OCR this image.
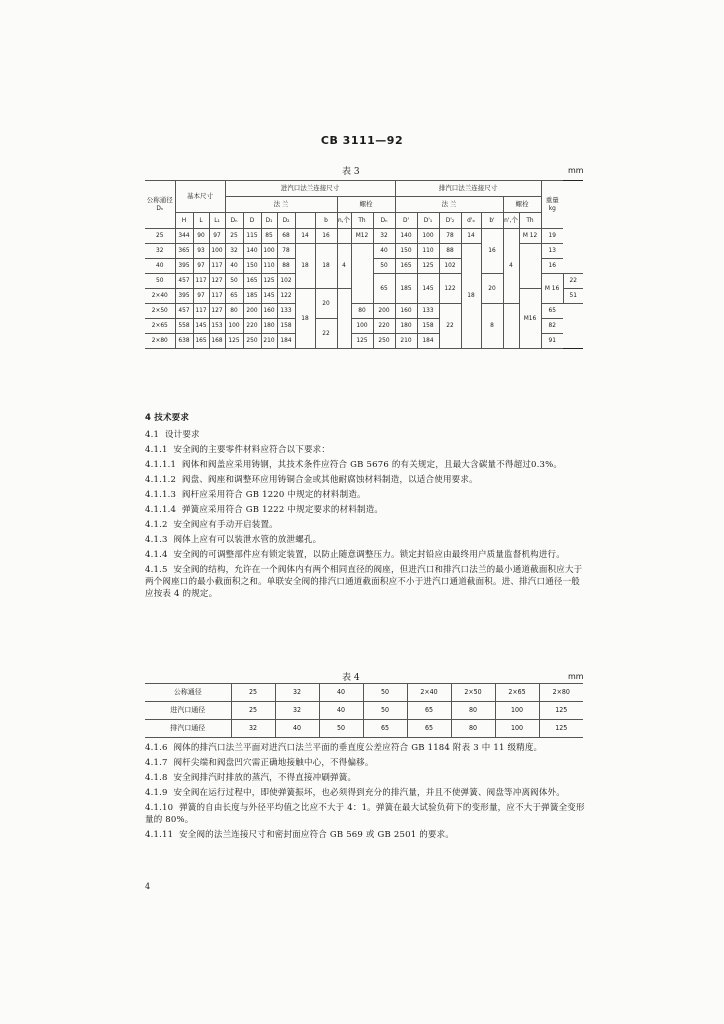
CB 3111—92
表 3	mm
公称通径
Dₙ	基本尺寸			进汽口法兰连接尺寸									排汽口法兰连接尺寸							重量
kg	
				法 兰						螺栓			法 兰					螺栓			
	H	L	L₁	Dₙ	D	D₁	D₂		b	n,个	Th	Dₙ	D'	D'₁	D'₂	d'ₒ	b'	n',个	Th		
25	344	90	97	25	115	85	68	14	16		M12	32	140	100	78	14	16	4	M 12	19	
32	365	93	100	32	140	100	78	18	18	4		40	150	110	88	18				13	
40	395	97	117	40	150	110	88					50	165	125	102					16	
50	457	117	127	50	165	125	102					65	185	145	122		20			M 16	22
2×40	395	97	117	65	185	145	122	18	20										M16		51
2×50	457	117	127	80	200	160	133				80	200	160	133	22		8			65	
2×65	558	145	153	100	220	180	158		22		100	220	180	158						82	
2×80	638	165	168	125	250	210	184				125	250	210	184						91	
4 技术要求
4.1 设计要求
4.1.1 安全阀的主要零件材料应符合以下要求：
4.1.1.1 阀体和阀盖应采用铸钢，其技术条件应符合 GB 5676 的有关规定，且最大含碳量不得超过0.3%。
4.1.1.2 阀盘、阀座和调整环应用铸铜合金或其他耐腐蚀材料制造，以适合使用要求。
4.1.1.3 阀杆应采用符合 GB 1220 中规定的材料制造。
4.1.1.4 弹簧应采用符合 GB 1222 中规定要求的材料制造。
4.1.2 安全阀应有手动开启装置。
4.1.3 阀体上应有可以装泄水管的放泄螺孔。
4.1.4 安全阀的可调整部件应有锁定装置，以防止随意调整压力。锁定封铅应由最终用户质量监督机构进行。
4.1.5 安全阀的结构，允许在一个阀体内有两个相同直径的阀座，但进汽口和排汽口法兰的最小通道截面积应大于两个阀座口的最小截面积之和。单联安全阀的排汽口通道截面积应不小于进汽口通道截面积。进、排汽口通径一般应按表 4 的规定。
表 4	mm
公称通径	25	32	40	50	2×40	2×50	2×65	2×80
进汽口通径	25	32	40	50	65	80	100	125
排汽口通径	32	40	50	65	65	80	100	125
4.1.6 阀体的排汽口法兰平面对进汽口法兰平面的垂直度公差应符合 GB 1184 附表 3 中 11 级精度。
4.1.7 阀杆尖端和阀盘凹穴需正确地接触中心，不得偏移。
4.1.8 安全阀排汽时排放的蒸汽，不得直接冲刷弹簧。
4.1.9 安全阀在运行过程中，即使弹簧振坏，也必须得到充分的排汽量，并且不使弹簧、阀盘等冲离阀体外。
4.1.10 弹簧的自由长度与外径平均值之比应不大于 4：1。弹簧在最大试验负荷下的变形量，应不大于弹簧全变形量的 80%。
4.1.11 安全阀的法兰连接尺寸和密封面应符合 GB 569 或 GB 2501 的要求。
4
